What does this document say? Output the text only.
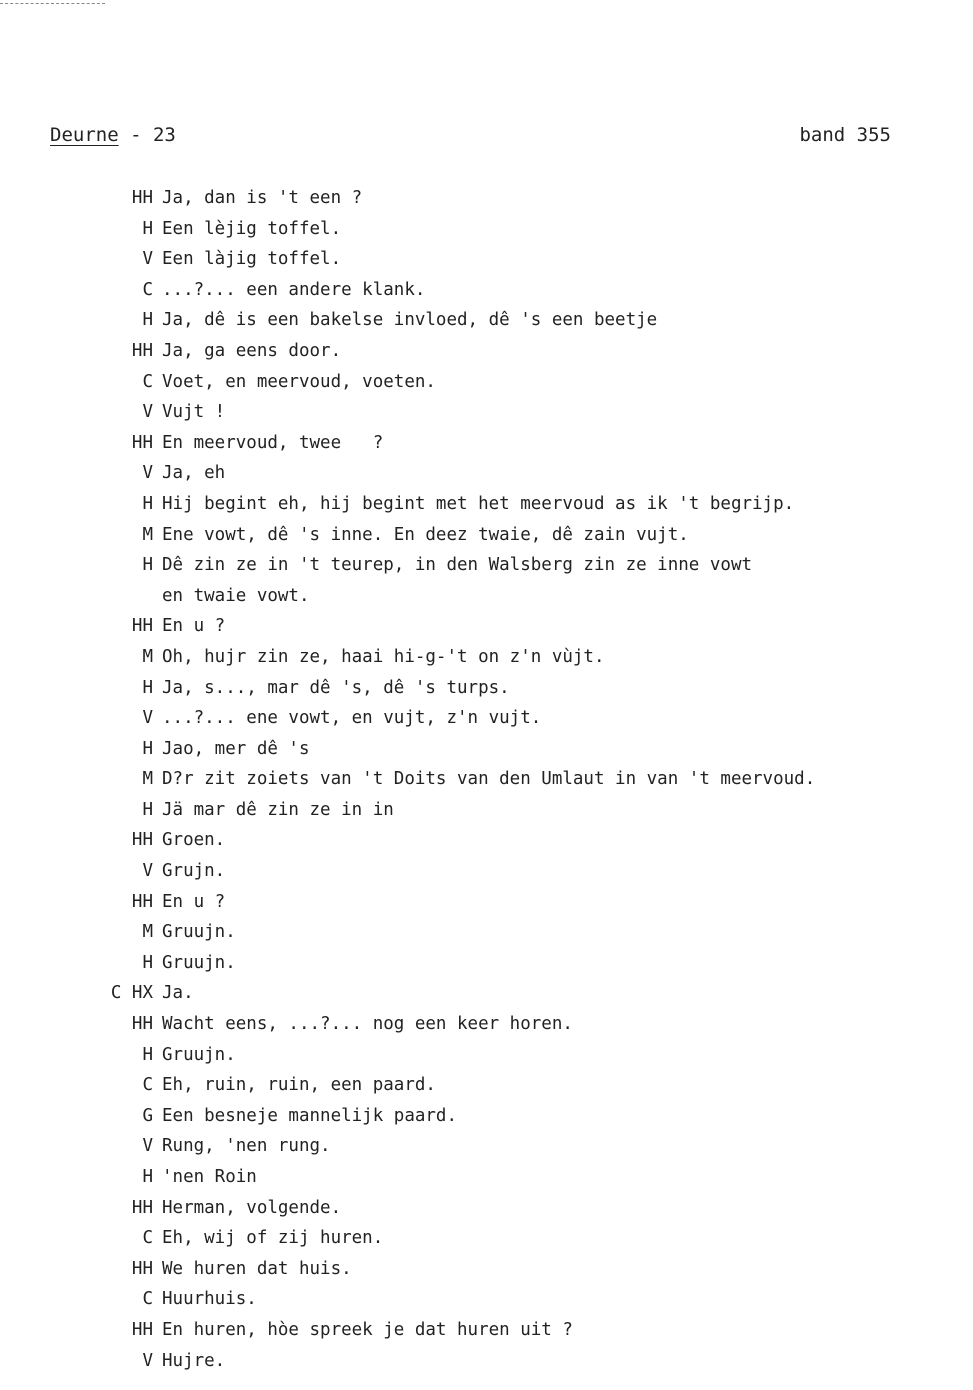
Deurne - 23	band 355
HH Ja, dan is 't een ?
H Een lèjig toffel.
V Een làjig toffel.
C ...?... een andere klank.
H Ja, dê is een bakelse invloed, dê 's een beetje
HH Ja, ga eens door.
C Voet, en meervoud, voeten.
V Vujt !
HH En meervoud, twee   ?
V Ja, eh
H Hij begint eh, hij begint met het meervoud as ik 't begrijp.
M Ene vowt, dê 's inne. En deez twaie, dê zain vujt.
H Dê zin ze in 't teurep, in den Walsberg zin ze inne vowt
en twaie vowt.
HH En u ?
M Oh, hujr zin ze, haai hi-g-'t on z'n vùjt.
H Ja, s..., mar dê 's, dê 's turps.
V ...?... ene vowt, en vujt, z'n vujt.
H Jao, mer dê 's
M D?r zit zoiets van 't Doits van den Umlaut in van 't meervoud.
H Jä mar dê zin ze in in
HH Groen.
V Grujn.
HH En u ?
M Gruujn.
H Gruujn.
C HX Ja.
HH Wacht eens, ...?... nog een keer horen.
H Gruujn.
C Eh, ruin, ruin, een paard.
G Een besneje mannelijk paard.
V Rung, 'nen rung.
H 'nen Roin
HH Herman, volgende.
C Eh, wij of zij huren.
HH We huren dat huis.
C Huurhuis.
HH En huren, hòe spreek je dat huren uit ?
V Hujre.
